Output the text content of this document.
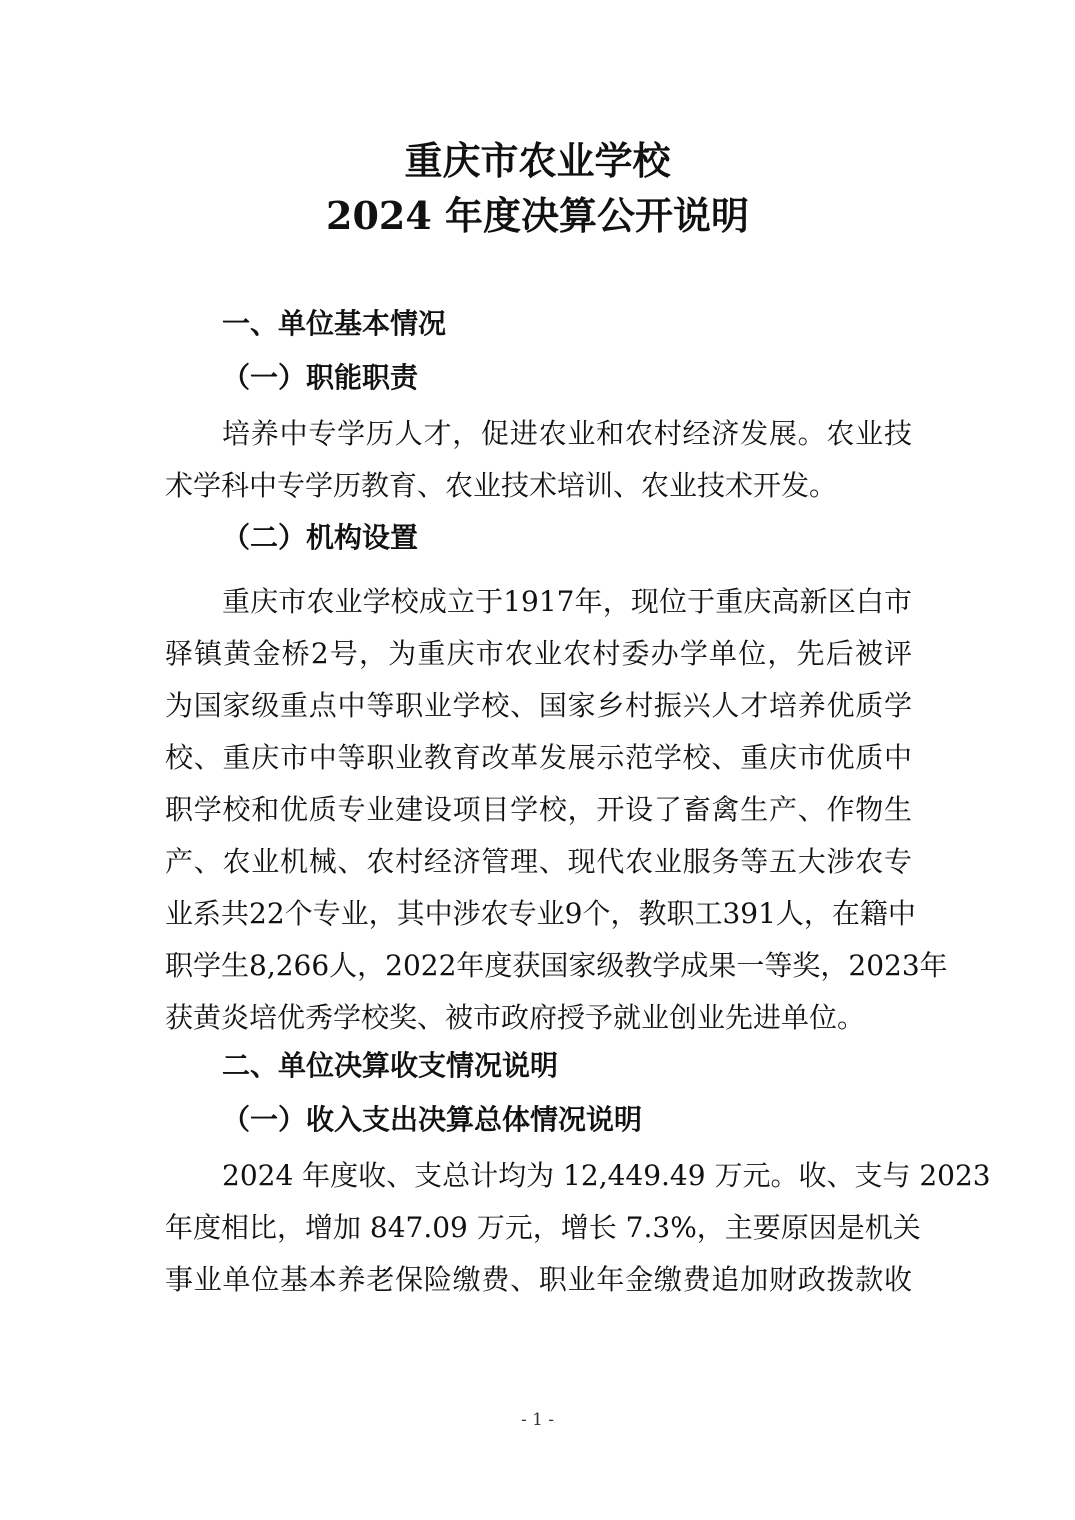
重庆市农业学校
2024 年度决算公开说明
一、单位基本情况
（一）职能职责
培养中专学历人才，促进农业和农村经济发展。农业技
术学科中专学历教育、农业技术培训、农业技术开发。
（二）机构设置
重庆市农业学校成立于1917年，现位于重庆高新区白市
驿镇黄金桥2号，为重庆市农业农村委办学单位，先后被评
为国家级重点中等职业学校、国家乡村振兴人才培养优质学
校、重庆市中等职业教育改革发展示范学校、重庆市优质中
职学校和优质专业建设项目学校，开设了畜禽生产、作物生
产、农业机械、农村经济管理、现代农业服务等五大涉农专
业系共22个专业，其中涉农专业9个，教职工391人，在籍中
职学生8,266人，2022年度获国家级教学成果一等奖，2023年
获黄炎培优秀学校奖、被市政府授予就业创业先进单位。
二、单位决算收支情况说明
（一）收入支出决算总体情况说明
2024 年度收、支总计均为 12,449.49 万元。收、支与 2023
年度相比，增加 847.09 万元，增长 7.3%，主要原因是机关
事业单位基本养老保险缴费、职业年金缴费追加财政拨款收
- 1 -
